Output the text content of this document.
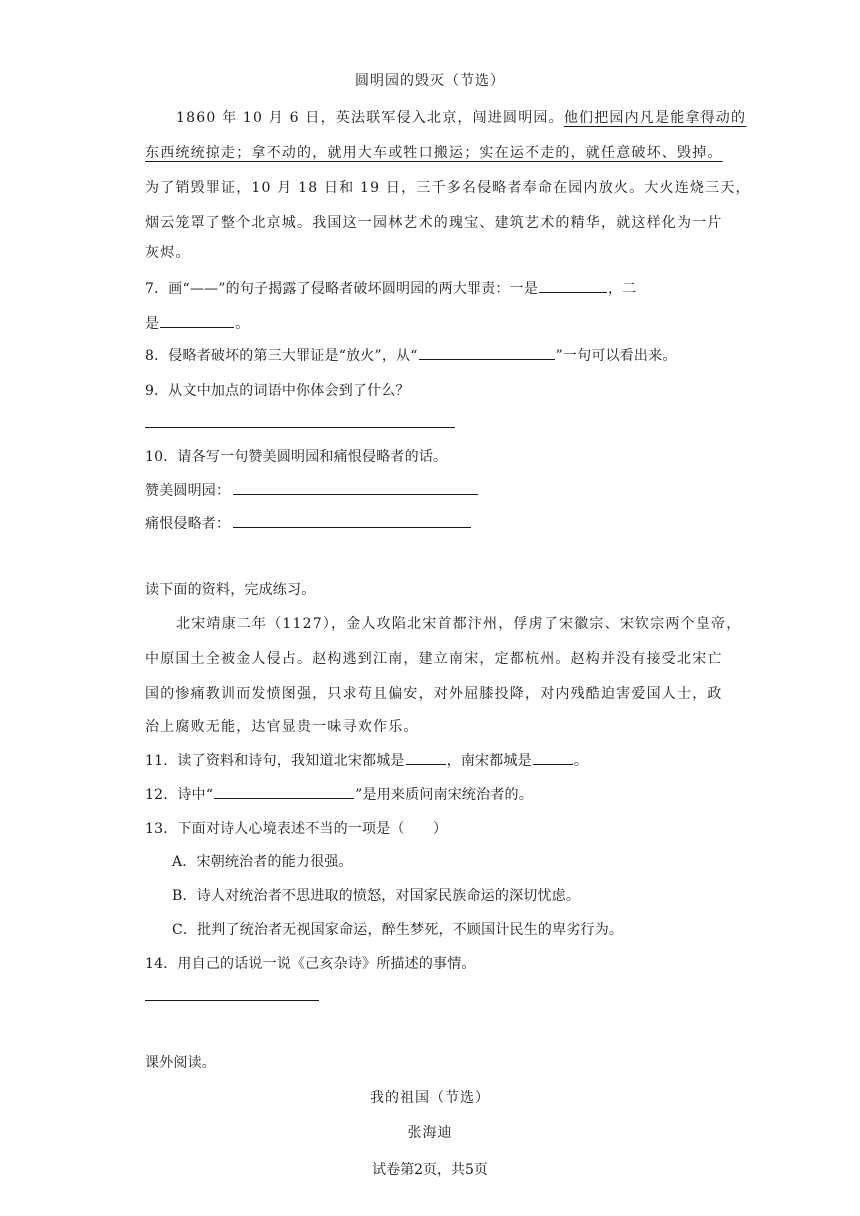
圆明园的毁灭（节选）
1860 年 10 月 6 日，英法联军侵入北京，闯进圆明园。他们把园内凡是能拿得动的
东西统统掠走；拿不动的，就用大车或牲口搬运；实在运不走的，就任意破坏、毁掉。
为了销毁罪证，10 月 18 日和 19 日，三千多名侵略者奉命在园内放火。大火连烧三天，
烟云笼罩了整个北京城。我国这一园林艺术的瑰宝、建筑艺术的精华，就这样化为一片
灰烬。
7．画“——”的句子揭露了侵略者破坏圆明园的两大罪责：一是	，二
是	。
8．侵略者破坏的第三大罪证是“放火”，从“	”一句可以看出来。
9．从文中加点的词语中你体会到了什么？
10．请各写一句赞美圆明园和痛恨侵略者的话。
赞美圆明园：
痛恨侵略者：
读下面的资料，完成练习。
北宋靖康二年（1127），金人攻陷北宋首都汴州，俘虏了宋徽宗、宋钦宗两个皇帝，
中原国土全被金人侵占。赵构逃到江南，建立南宋，定都杭州。赵构并没有接受北宋亡
国的惨痛教训而发愤图强，只求苟且偏安，对外屈膝投降，对内残酷迫害爱国人士，政
治上腐败无能，达官显贵一味寻欢作乐。
11．读了资料和诗句，我知道北宋都城是	，南宋都城是	。
12．诗中“	”是用来质问南宋统治者的。
13．下面对诗人心境表述不当的一项是（　　）
A．宋朝统治者的能力很强。
B．诗人对统治者不思进取的愤怒，对国家民族命运的深切忧虑。
C．批判了统治者无视国家命运，醉生梦死，不顾国计民生的卑劣行为。
14．用自己的话说一说《己亥杂诗》所描述的事情。
课外阅读。
我的祖国（节选）
张海迪
试卷第2页，共5页
